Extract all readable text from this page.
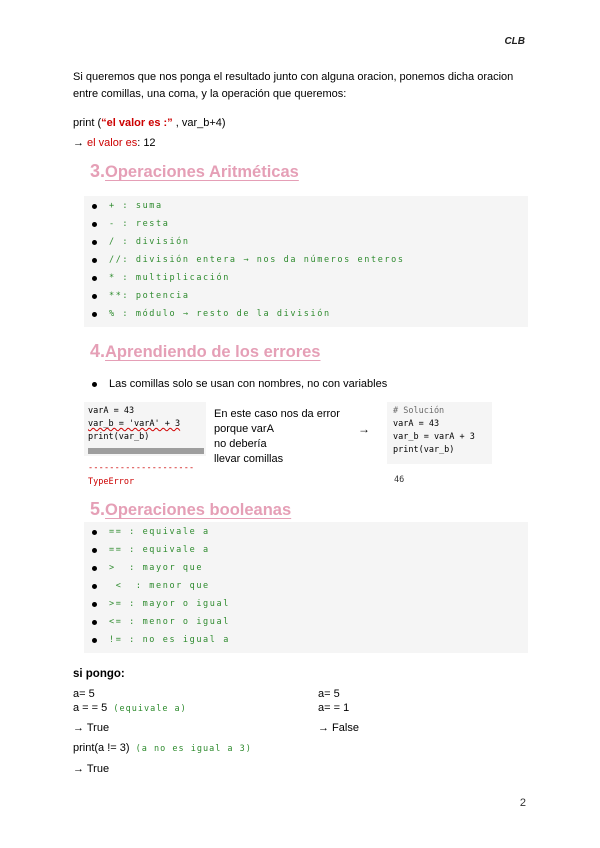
CLB
Si queremos que nos ponga el resultado junto con alguna oracion, ponemos dicha oracion
entre comillas, una coma, y la operación que queremos:
print (“el valor es :” , var_b+4)
→ el valor es: 12
3.Operaciones Aritméticas
+ : suma
- : resta
/ : división
//: división entera → nos da números enteros
* : multiplicación
**: potencia
% : módulo → resto de la división
4.Aprendiendo de los errores
Las comillas solo se usan con nombres, no con variables
varA = 43
var_b = 'varA' + 3
print(var_b)
--------------------
TypeError
En este caso nos da error
porque varA
no debería
llevar comillas
→
# Solución
varA = 43
var_b = varA + 3
print(var_b)
46
5.Operaciones booleanas
== : equivale a
== : equivale a
>  : mayor que
<  : menor que
>= : mayor o igual
<= : menor o igual
!= : no es igual a
si pongo:
a= 5
a = = 5  (equivale a)
→ True
print(a != 3)  (a no es igual a 3)
→ True
a= 5
a= = 1
→ False
2
